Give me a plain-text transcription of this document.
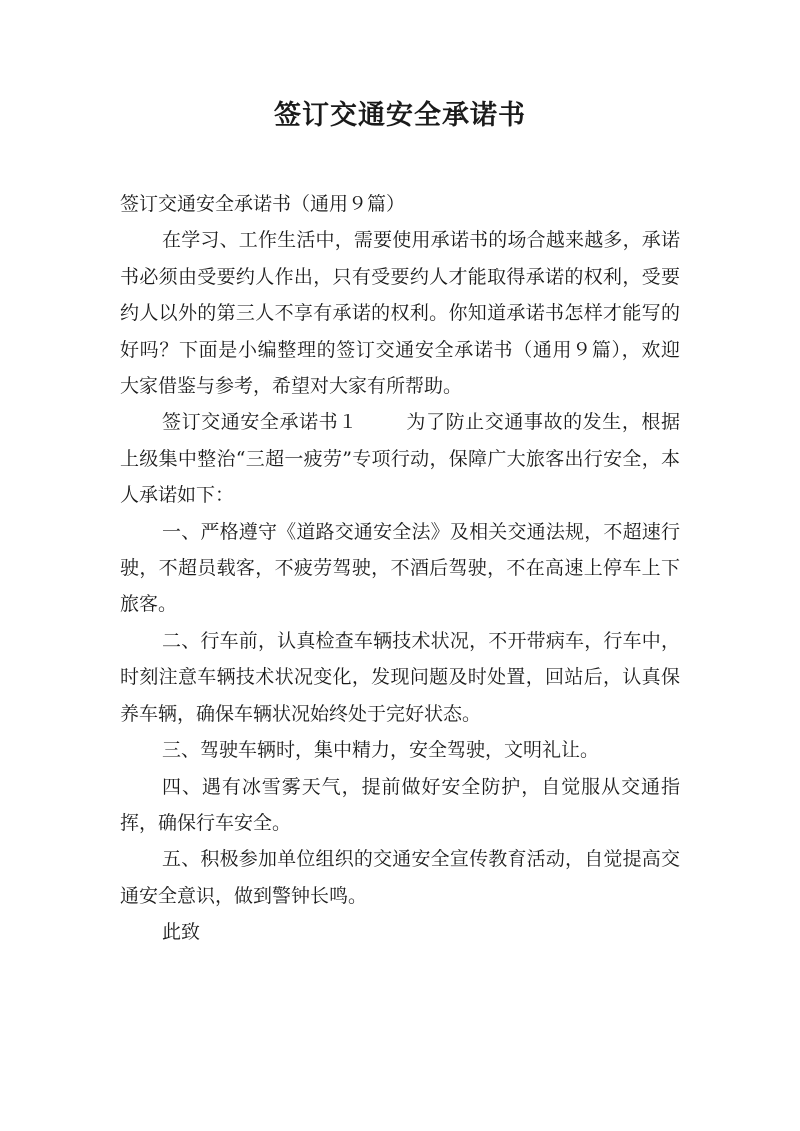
签订交通安全承诺书

签订交通安全承诺书（通用９篇）

在学习、工作生活中，需要使用承诺书的场合越来越多，承诺书必须由受要约人作出，只有受要约人才能取得承诺的权利，受要约人以外的第三人不享有承诺的权利。你知道承诺书怎样才能写的好吗？下面是小编整理的签订交通安全承诺书（通用９篇），欢迎大家借鉴与参考，希望对大家有所帮助。

签订交通安全承诺书１	为了防止交通事故的发生，根据上级集中整治“三超一疲劳”专项行动，保障广大旅客出行安全，本人承诺如下：

一、严格遵守《道路交通安全法》及相关交通法规，不超速行驶，不超员载客，不疲劳驾驶，不酒后驾驶，不在高速上停车上下旅客。

二、行车前，认真检查车辆技术状况，不开带病车，行车中，时刻注意车辆技术状况变化，发现问题及时处置，回站后，认真保养车辆，确保车辆状况始终处于完好状态。

三、驾驶车辆时，集中精力，安全驾驶，文明礼让。

四、遇有冰雪雾天气，提前做好安全防护，自觉服从交通指挥，确保行车安全。

五、积极参加单位组织的交通安全宣传教育活动，自觉提高交通安全意识，做到警钟长鸣。

此致
